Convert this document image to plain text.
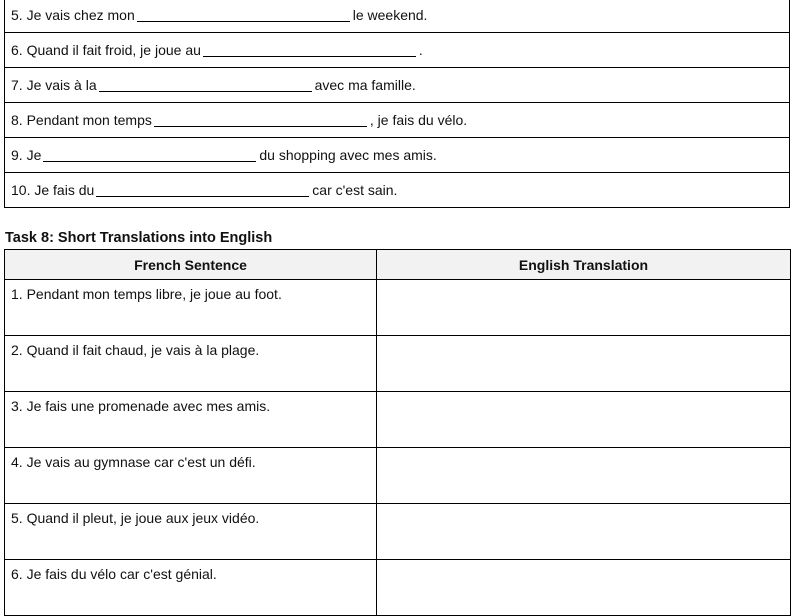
5. Je vais chez mon	le weekend.
6. Quand il fait froid, je joue au	.
7. Je vais à la	avec ma famille.
8. Pendant mon temps	, je fais du vélo.
9. Je	du shopping avec mes amis.
10. Je fais du	car c'est sain.
Task 8: Short Translations into English
French Sentence	English Translation
1. Pendant mon temps libre, je joue au foot.	
2. Quand il fait chaud, je vais à la plage.	
3. Je fais une promenade avec mes amis.	
4. Je vais au gymnase car c'est un défi.	
5. Quand il pleut, je joue aux jeux vidéo.	
6. Je fais du vélo car c'est génial.	
